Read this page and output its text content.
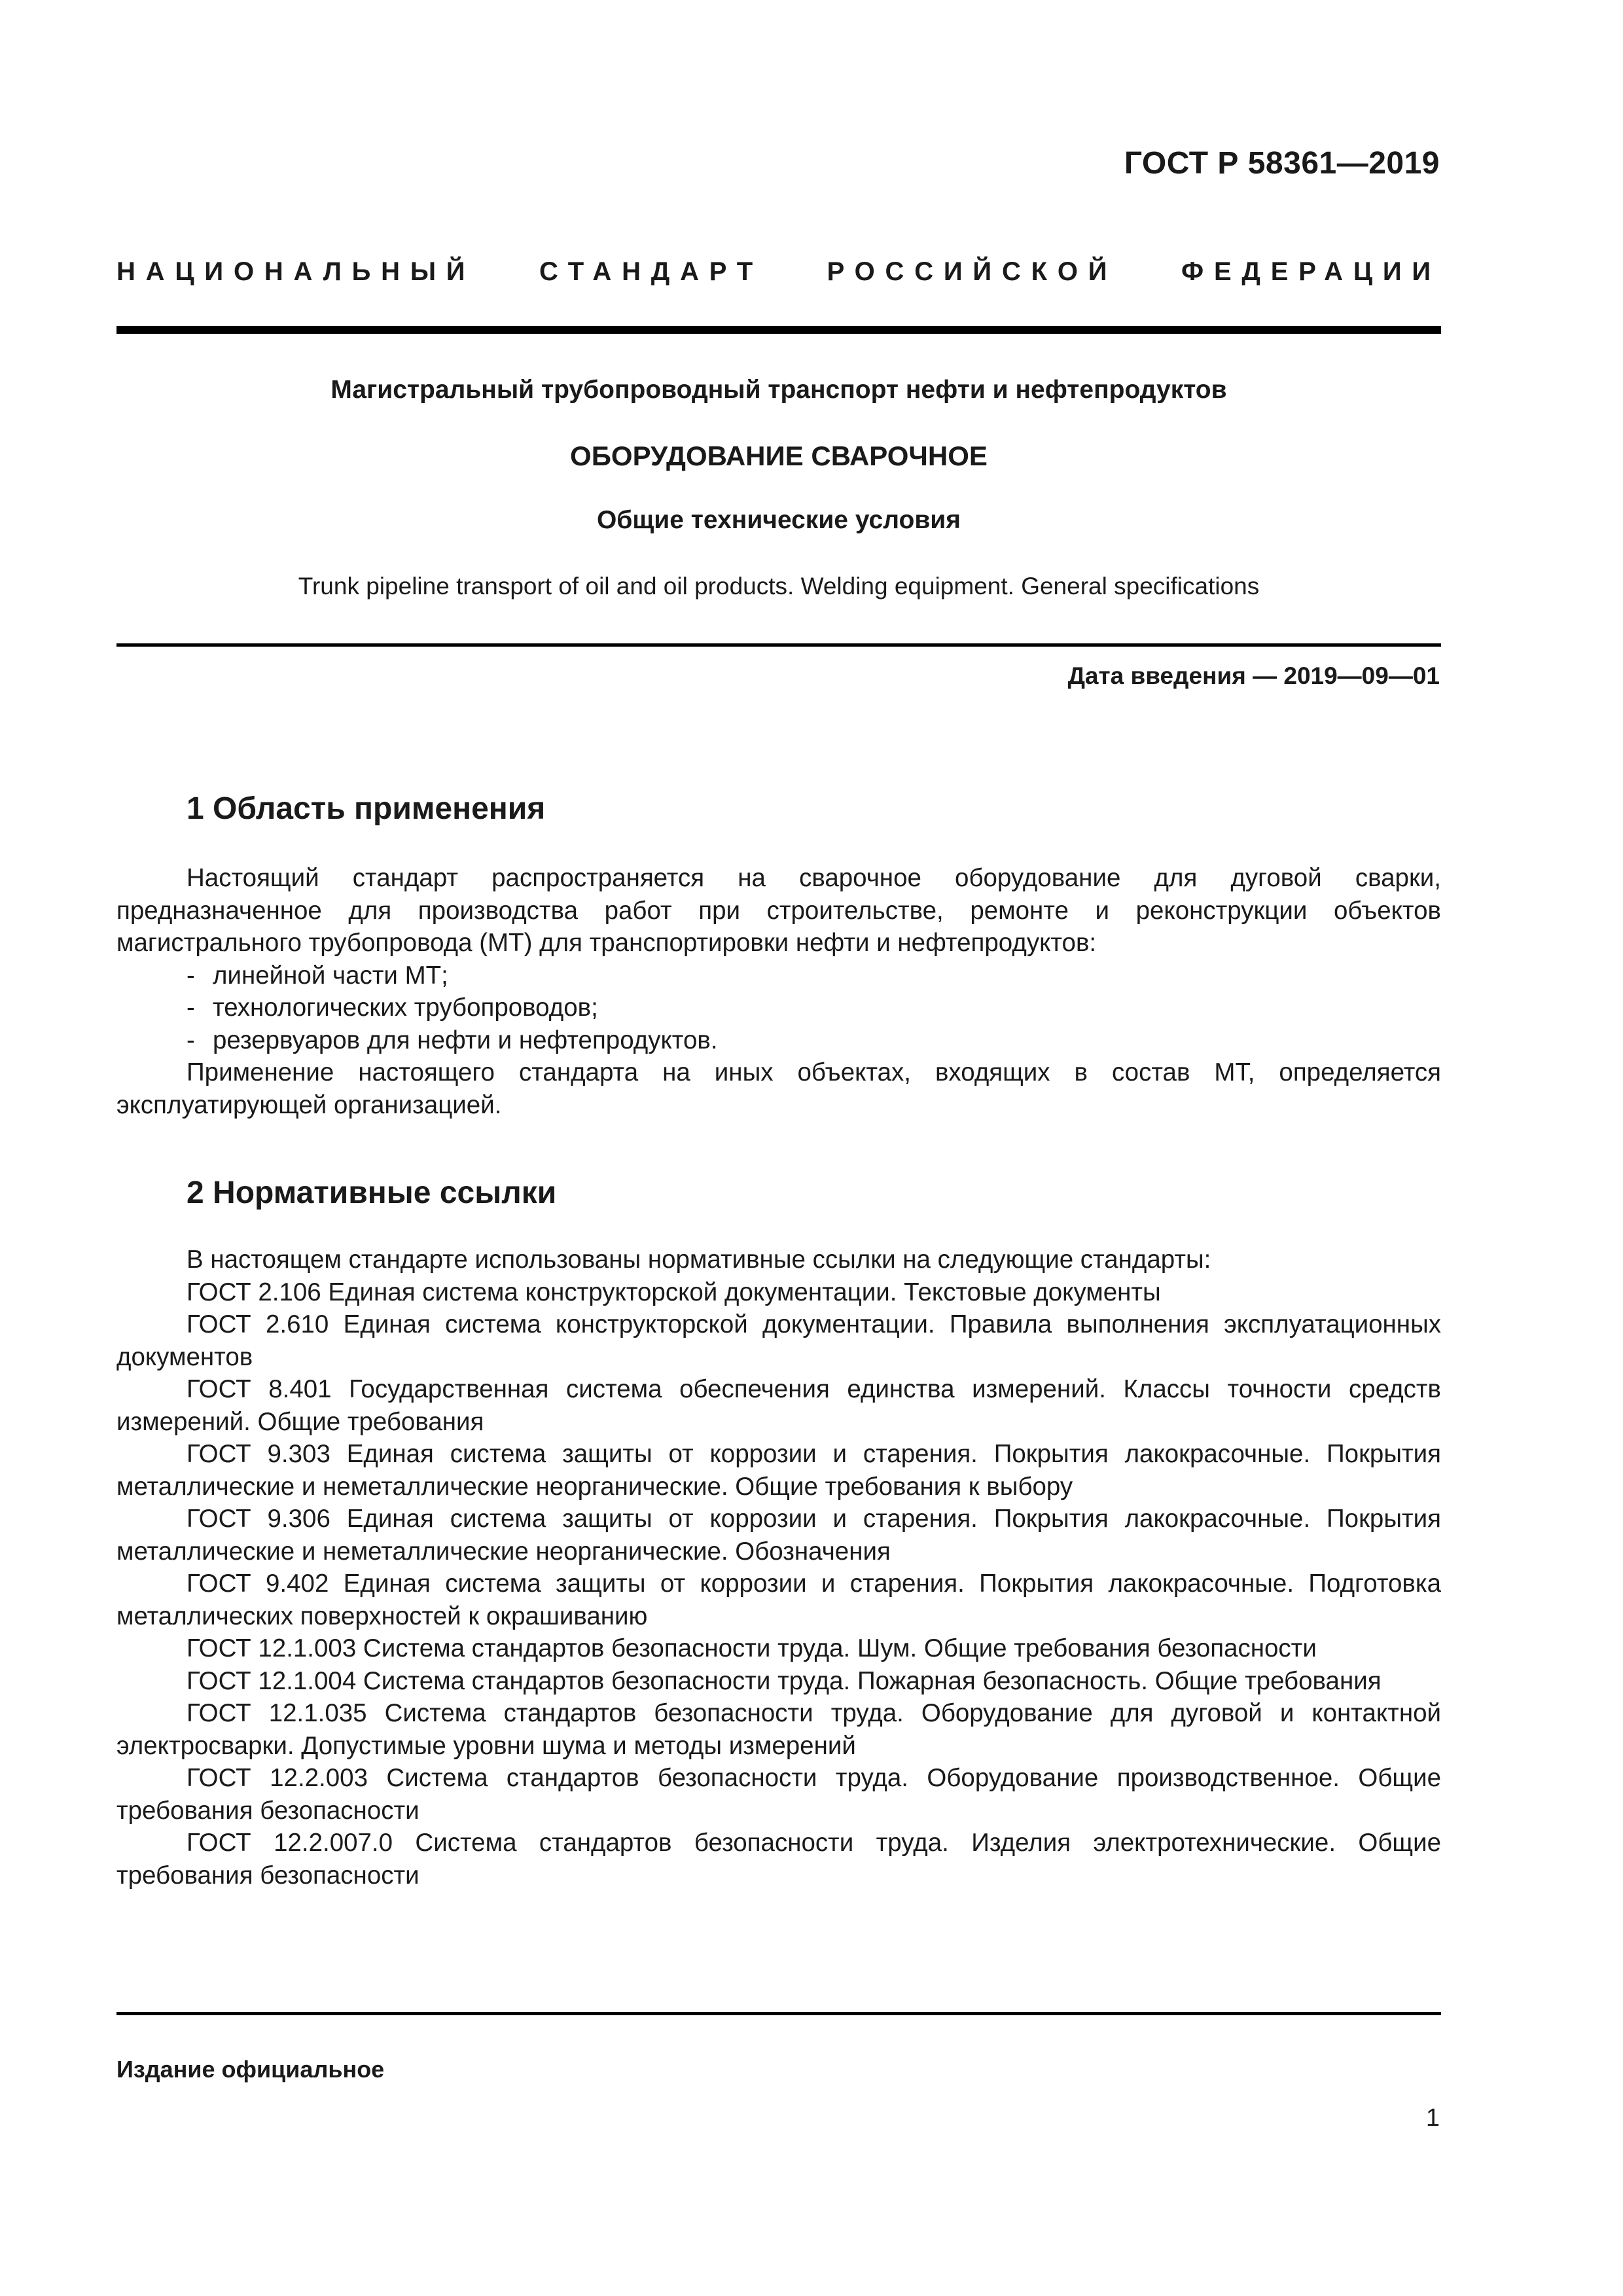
ГОСТ Р 58361—2019
НАЦИОНАЛЬНЫЙ СТАНДАРТ РОССИЙСКОЙ ФЕДЕРАЦИИ
Магистральный трубопроводный транспорт нефти и нефтепродуктов
ОБОРУДОВАНИЕ СВАРОЧНОЕ
Общие технические условия
Trunk pipeline transport of oil and oil products. Welding equipment. General specifications
Дата введения — 2019—09—01
1 Область применения

Настоящий стандарт распространяется на сварочное оборудование для дуговой сварки, предназначенное для производства работ при строительстве, ремонте и реконструкции объектов магистрального трубопровода (МТ) для транспортировки нефти и нефтепродуктов:

- линейной части МТ;

- технологических трубопроводов;

- резервуаров для нефти и нефтепродуктов.

Применение настоящего стандарта на иных объектах, входящих в состав МТ, определяется эксплуатирующей организацией.

2 Нормативные ссылки

В настоящем стандарте использованы нормативные ссылки на следующие стандарты:

ГОСТ 2.106 Единая система конструкторской документации. Текстовые документы

ГОСТ 2.610 Единая система конструкторской документации. Правила выполнения эксплуатационных документов

ГОСТ 8.401 Государственная система обеспечения единства измерений. Классы точности средств измерений. Общие требования

ГОСТ 9.303 Единая система защиты от коррозии и старения. Покрытия лакокрасочные. Покрытия металлические и неметаллические неорганические. Общие требования к выбору

ГОСТ 9.306 Единая система защиты от коррозии и старения. Покрытия лакокрасочные. Покрытия металлические и неметаллические неорганические. Обозначения

ГОСТ 9.402 Единая система защиты от коррозии и старения. Покрытия лакокрасочные. Подготовка металлических поверхностей к окрашиванию

ГОСТ 12.1.003 Система стандартов безопасности труда. Шум. Общие требования безопасности

ГОСТ 12.1.004 Система стандартов безопасности труда. Пожарная безопасность. Общие требования

ГОСТ 12.1.035 Система стандартов безопасности труда. Оборудование для дуговой и контактной электросварки. Допустимые уровни шума и методы измерений

ГОСТ 12.2.003 Система стандартов безопасности труда. Оборудование производственное. Общие требования безопасности

ГОСТ 12.2.007.0 Система стандартов безопасности труда. Изделия электротехнические. Общие требования безопасности

Издание официальное
1
